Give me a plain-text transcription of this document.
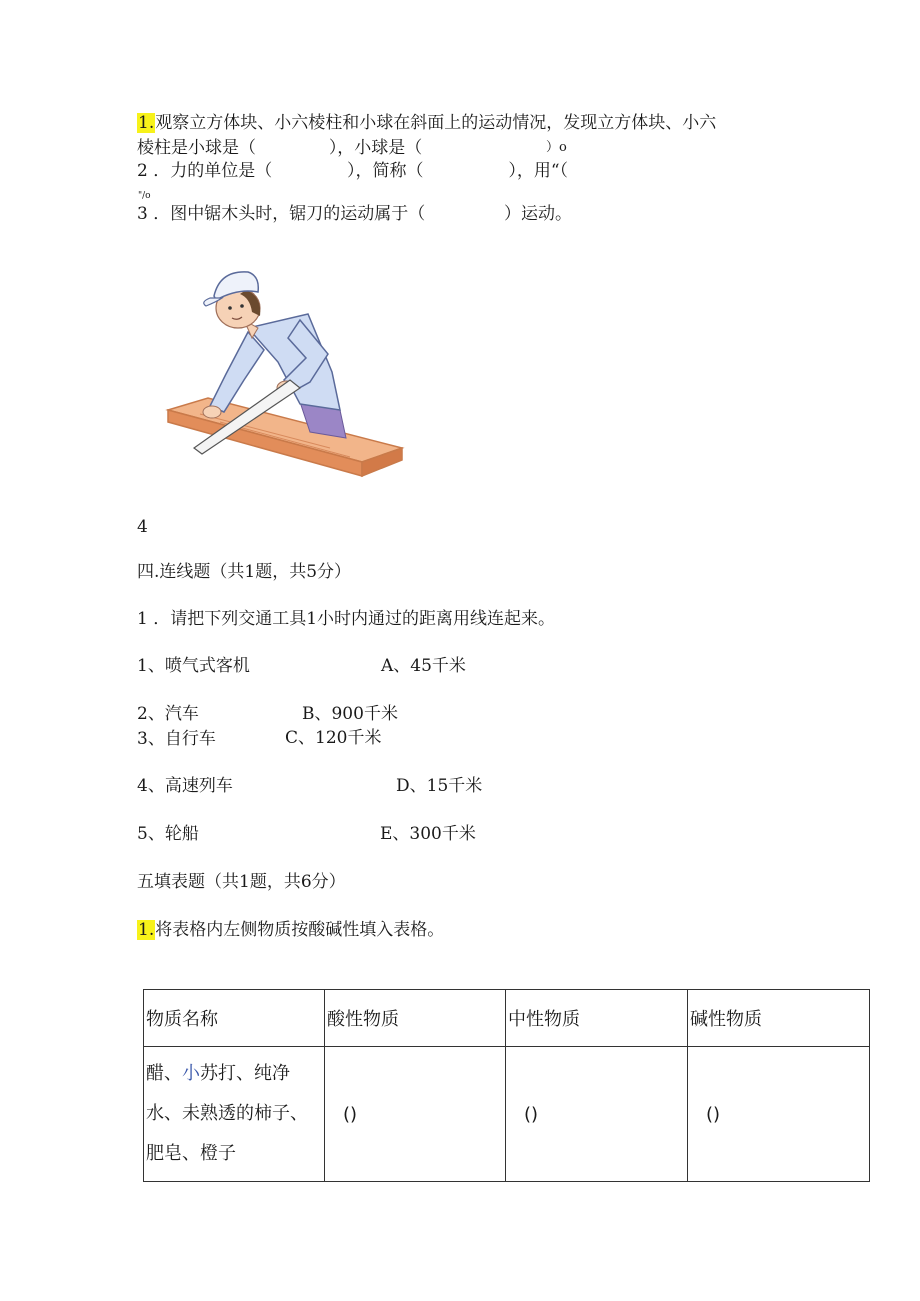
1.观察立方体块、小六棱柱和小球在斜面上的运动情况，发现立方体块、小六
棱柱是小球是（	），小球是（	）o
2 ．力的单位是（	），简称（	），用“（
"/o
3 ．图中锯木头时，锯刀的运动属于（	）运动。
4
四.连线题（共1题，共5分）
1 ．请把下列交通工具1小时内通过的距离用线连起来。
1、喷气式客机	A、45千米
2、汽车	B、900千米
3、自行车	C、120千米
4、高速列车	D、15千米
5、轮船	E、300千米
五填表题（共1题，共6分）
1.将表格内左侧物质按酸碱性填入表格。
物质名称	酸性物质	中性物质	碱性物质
醋、小苏打、纯净水、未熟透的柿子、肥皂、橙子	()	()	()
